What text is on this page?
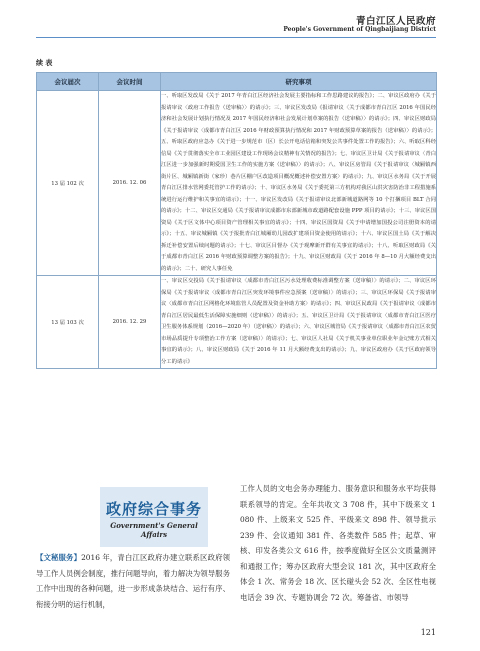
青白江区人民政府
People's Government of Qingbaijiang District
续 表
会议届次	会议时间	研究事项
13 届 102 次	2016. 12. 06	一、听取区发改局《关于 2017 年青白江区经济社会发展主要指标和工作思路建议的报告》；二、审议区政府办《关于报请审议〈政府工作报告（送审稿）〉的请示》；三、审议区发改局《报请审议〈关于成都市青白江区 2016 年国民经济和社会发展计划执行情况及 2017 年国民经济和社会发展计划草案的报告（送审稿）〉的请示》；四、审议区财政局《关于报请审议〈成都市青白江区 2016 年财政预算执行情况和 2017 年财政预算草案的报告（送审稿）〉的请示》；五、听取区政府应急办《关于进一步规范市（区）长公开电话信箱和突发公共事件处置工作的报告》；六、听取区科经信局《关于贯彻落实全市工业园区建设工作现场会议精神有关情况的报告》；七、审议区卫计局《关于报请审议〈青白江区进一步加强新时期爱国卫生工作的实施方案（送审稿）〉的请示》；八、审议区房管局《关于报请审议〈城厢镇西街片区、城厢镇新街（家珍）巷片区棚户区改造项目概况概述补偿安置方案〉的请示》；九、审议区水务局《关于开展青白江区排水管网委托管护工作的请示》；十、审议区水务局《关于委托第三方机构对我区山洪灾害防治非工程措施系统进行运行维护和关事宜的请示》；十一、审议区发改局《关于报请审议北部新城道路网等 10 个打捆项目 BLT 合同的请示》；十二、审议区交通局《关于报请审议成都市东部新城市政道路配套设施 PPP 项目的请示》；十三、审议区国资局《关于区文体中心项目资产管理相关事宜的请示》；十四、审议区国资局《关于申请增加国投公司注册资本的请示》；十五、审议城厢镇《关于报批青白江城厢幼儿园改扩建项目资金使用的请示》；十六、审议区国土局《关于解决拆迁补偿安置后续问题的请示》；十七、审议区目督办《关于观摩新开群有关事宜的请示》；十八、听取区财政局《关于成都市青白江区 2016 年财政预算调整方案的报告》；十九、审议区财政局《关于 2016 年 8—10 月大额经费支出的请示》；二十、研究人事任免
13 届 103 次	2016. 12. 29	一、审议区交投局《关于报请审议〈成都市青白江区污水处理收费标准调整方案（送审稿）〉的请示》；二、审议区环保局《关于报请审议〈成都市青白江区突发环境事件应急预案（送审稿）〉的请示》；三、审议区环保局《关于报请审议〈成都市青白江区网格化环境监管人员配置及资金补助方案〉的请示》；四、审议区民政局《关于报请审议〈成都市青白江区居民最低生活保障实施细则（送审稿）〉的请示》；五、审议区卫计局《关于报请审议〈成都市青白江区医疗卫生服务体系规划（2016—2020 年）（送审稿）〉的请示》；六、审议区城管局《关于报请审议〈成都市青白江区农贸市场品质提升专项整治工作方案（送审稿）〉的请示》；七、审议区人社局《关于机关事业单位职业年金记账方式相关事宜的请示》；八、审议区财政局《关于 2016 年 11 月大额经费支出的请示》；九、审议区政府办《关于区政府领导分工的请示》
政府综合事务
Government's General Affairs
【文秘服务】2016 年，青白江区政府办建立联系区政府领导工作人员例会制度，推行问题导向，着力解决为领导服务工作中出现的各种问题，进一步形成条块结合、运行有序、衔接分明的运行机制，
工作人员的文电会务办理能力、服务意识和服务水平均获得联系领导的肯定。全年共收文 3 708 件，其中下级来文 1 080 件、上级来文 525 件、平级来文 898 件、领导批示 239 件、会议通知 381 件、各类数件 585 件；起草、审核、印发各类公文 616 件，按季度做好全区公文质量测评和通报工作；筹办区政府大型会议 181 次，其中区政府全体会 1 次、常务会 18 次、区长碰头会 52 次、全区性电视电话会 39 次、专题协调会 72 次。筹备省、市领导
121
